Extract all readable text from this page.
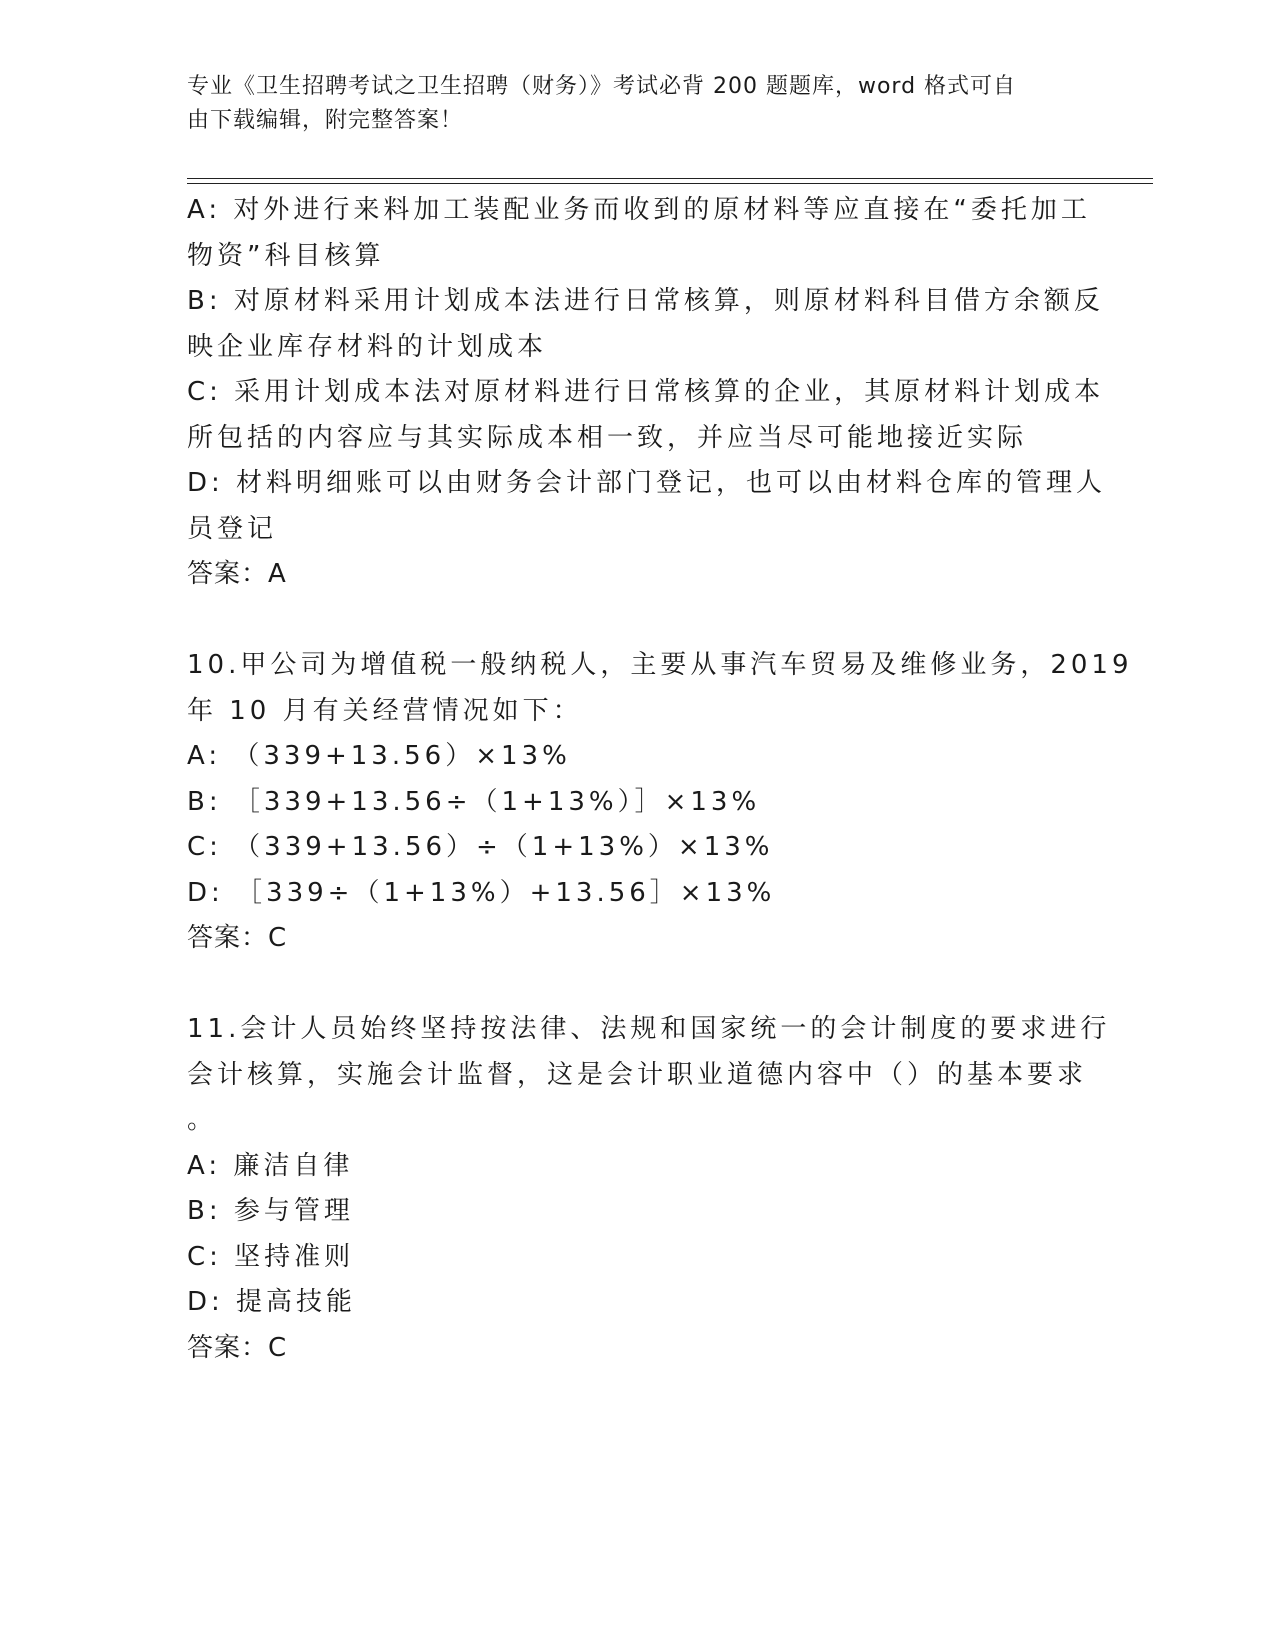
专业《卫生招聘考试之卫生招聘（财务）》考试必背 200 题题库，word 格式可自
由下载编辑，附完整答案！
A: 对外进行来料加工装配业务而收到的原材料等应直接在“委托加工
物资”科目核算
B: 对原材料采用计划成本法进行日常核算，则原材料科目借方余额反
映企业库存材料的计划成本
C: 采用计划成本法对原材料进行日常核算的企业，其原材料计划成本
所包括的内容应与其实际成本相一致，并应当尽可能地接近实际
D: 材料明细账可以由财务会计部门登记，也可以由材料仓库的管理人
员登记
答案：A
10.甲公司为增值税一般纳税人，主要从事汽车贸易及维修业务，2019
年 10 月有关经营情况如下：
A: （339+13.56）×13%
B: ［339+13.56÷（1+13%）］×13%
C: （339+13.56）÷（1+13%）×13%
D: ［339÷（1+13%）+13.56］×13%
答案：C
11.会计人员始终坚持按法律、法规和国家统一的会计制度的要求进行
会计核算，实施会计监督，这是会计职业道德内容中（）的基本要求
。
A: 廉洁自律
B: 参与管理
C: 坚持准则
D: 提高技能
答案：C
